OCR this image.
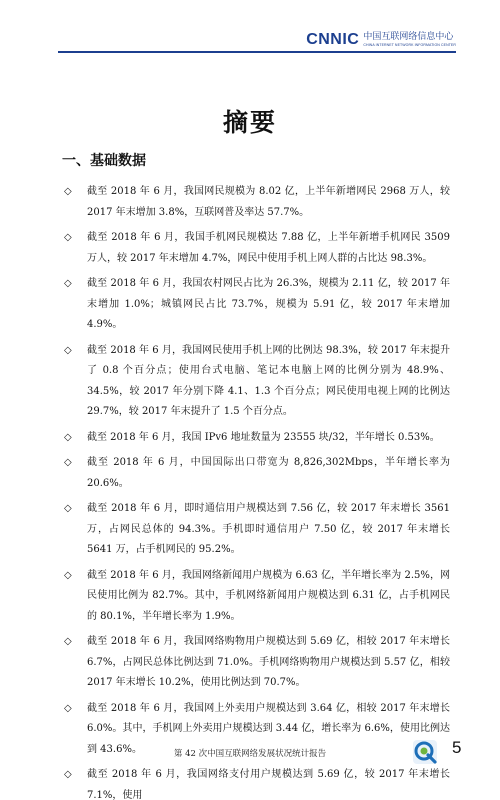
CNNIC 中国互联网络信息中心
CHINA INTERNET NETWORK INFORMATION CENTER
摘要
一、基础数据
◇	截至 2018 年 6 月，我国网民规模为 8.02 亿，上半年新增网民 2968 万人，较 2017 年末增加 3.8%，互联网普及率达 57.7%。
◇	截至 2018 年 6 月，我国手机网民规模达 7.88 亿，上半年新增手机网民 3509 万人，较 2017 年末增加 4.7%，网民中使用手机上网人群的占比达 98.3%。
◇	截至 2018 年 6 月，我国农村网民占比为 26.3%，规模为 2.11 亿，较 2017 年末增加 1.0%；城镇网民占比 73.7%，规模为 5.91 亿，较 2017 年末增加 4.9%。
◇	截至 2018 年 6 月，我国网民使用手机上网的比例达 98.3%，较 2017 年末提升了 0.8 个百分点；使用台式电脑、笔记本电脑上网的比例分别为 48.9%、34.5%，较 2017 年分别下降 4.1、1.3 个百分点；网民使用电视上网的比例达 29.7%，较 2017 年末提升了 1.5 个百分点。
◇	截至 2018 年 6 月，我国 IPv6 地址数量为 23555 块/32，半年增长 0.53%。
◇	截至 2018 年 6 月，中国国际出口带宽为 8,826,302Mbps，半年增长率为 20.6%。
◇	截至 2018 年 6 月，即时通信用户规模达到 7.56 亿，较 2017 年末增长 3561 万，占网民总体的 94.3%。手机即时通信用户 7.50 亿，较 2017 年末增长 5641 万，占手机网民的 95.2%。
◇	截至 2018 年 6 月，我国网络新闻用户规模为 6.63 亿，半年增长率为 2.5%，网民使用比例为 82.7%。其中，手机网络新闻用户规模达到 6.31 亿，占手机网民的 80.1%，半年增长率为 1.9%。
◇	截至 2018 年 6 月，我国网络购物用户规模达到 5.69 亿，相较 2017 年末增长 6.7%，占网民总体比例达到 71.0%。手机网络购物用户规模达到 5.57 亿，相较 2017 年末增长 10.2%，使用比例达到 70.7%。
◇	截至 2018 年 6 月，我国网上外卖用户规模达到 3.64 亿，相较 2017 年末增长 6.0%。其中，手机网上外卖用户规模达到 3.44 亿，增长率为 6.6%，使用比例达到 43.6%。
◇	截至 2018 年 6 月，我国网络支付用户规模达到 5.69 亿，较 2017 年末增长 7.1%，使用
第 42 次中国互联网络发展状况统计报告	5
